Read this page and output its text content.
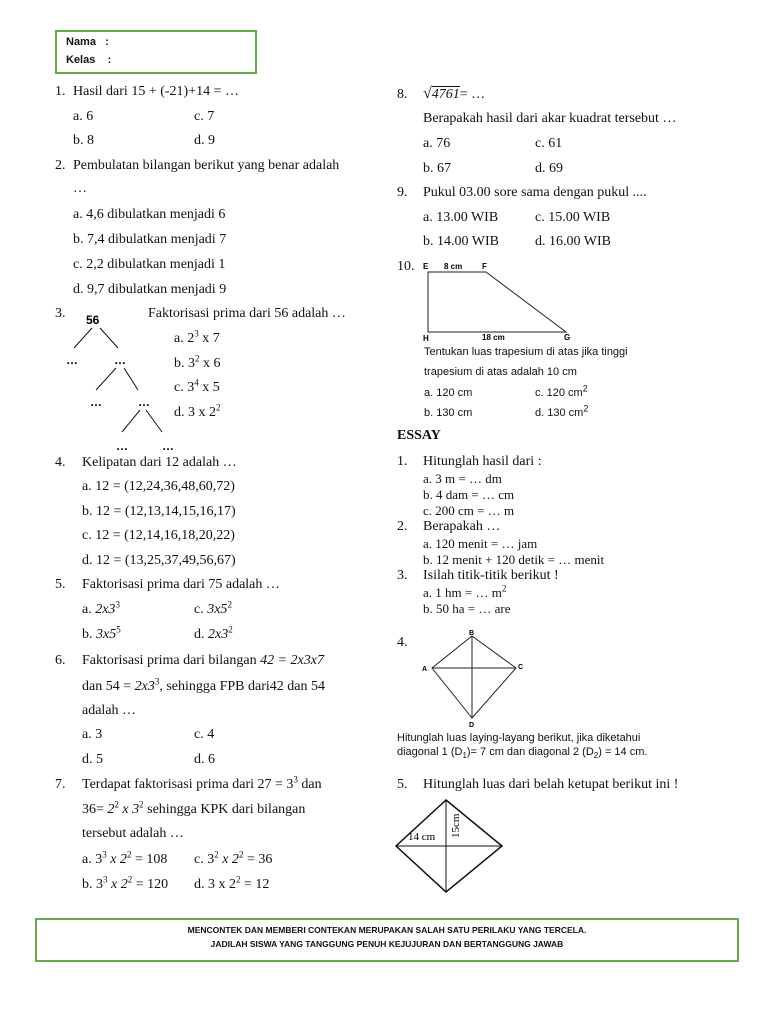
Nama :
Kelas :
1. Hasil dari 15 + (-21)+14 = …
a. 6	c. 7
b. 8	d. 9
2. Pembulatan bilangan berikut yang benar adalah
…
a. 4,6 dibulatkan menjadi 6
b. 7,4 dibulatkan menjadi 7
c. 2,2 dibulatkan menjadi 1
d. 9,7 dibulatkan menjadi 9
3. 56
…	…
…	…
…	…
Faktorisasi prima dari 56 adalah …
a. $2^3$ x 7
b. $3^2$ x 6
c. $3^4$ x 5
d. 3 x $2^2$
4. Kelipatan dari 12 adalah …
a. 12 = (12,24,36,48,60,72)
b. 12 = (12,13,14,15,16,17)
c. 12 = (12,14,16,18,20,22)
d. 12 = (13,25,37,49,56,67)
5. Faktorisasi prima dari 75 adalah …
a. $2x3^3$	c. $3x5^2$
b. $3x5^5$	d. $2x3^2$
6. Faktorisasi prima dari bilangan 42 = 2x3x7
dan $54 = 2x3^3$, sehingga FPB dari42 dan 54
adalah …
a. 3	c. 4
d. 5	d. 6
7. Terdapat faktorisasi prima dari $27 = 3^3$ dan
$36= 2^2$ x $3^2$ sehingga KPK dari bilangan
tersebut adalah …
a. $3^3$ x $2^2 = 108$ c. $3^2$ x $2^2 = 36$
b. $3^3$ x $2^2 = 120$ d. 3 x $2^2 = 12$
8. √4761= …
Berapakah hasil dari akar kuadrat tersebut …
a. 76	c. 61
b. 67	d. 69
9. Pukul 03.00 sore sama dengan pukul ....
a. 13.00 WIB	c. 15.00 WIB
b. 14.00 WIB	d. 16.00 WIB
10. E 8 cm F
H	18 cm	G
Tentukan luas trapesium di atas jika tinggi
trapesium di atas adalah 10 cm
a. 120 cm	c. 120 $cm^2$
b. 130 cm	d. 130 $cm^2$
ESSAY
1. Hitunglah hasil dari :
a. 3 m = … dm
b. 4 dam = … cm
c. 200 cm = … m
2. Berapakah …
a. 120 menit = … jam
b. 12 menit + 120 detik = … menit
3. Isilah titik-titik berikut !
a. 1 hm = … $m^2$
b. 50 ha = … are
4.
B
A	C
D
Hitunglah luas laying-layang berikut, jika diketahui
diagonal 1 $(D_1)= 7$ cm dan diagonal 2 $(D_2) = 14$ cm.
5. Hitunglah luas dari belah ketupat berikut ini !
14 cm 15cm
MENCONTEK DAN MEMBERI CONTEKAN MERUPAKAN SALAH SATU PERILAKU YANG TERCELA.
JADILAH SISWA YANG TANGGUNG PENUH KEJUJURAN DAN BERTANGGUNG JAWAB
